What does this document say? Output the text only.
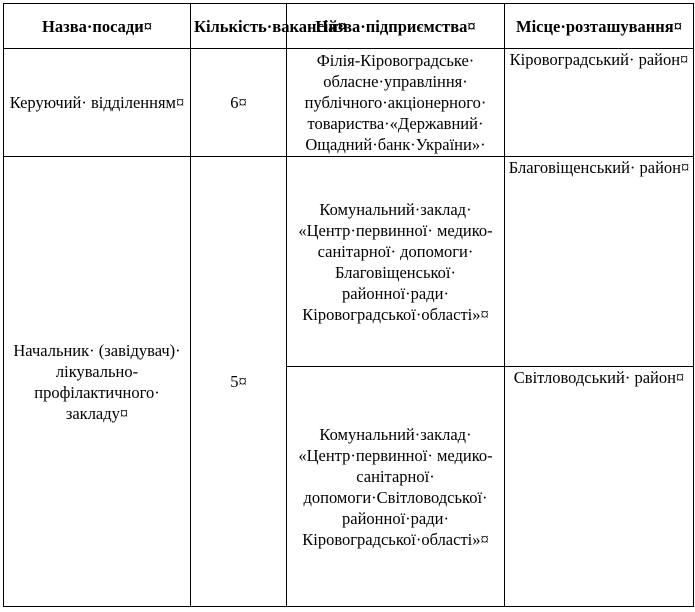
Назва·посади¤	Кількість·вакансій¤	Назва·підприємства¤	Місце·розташування¤

Керуючий· відділенням¤	6¤	Філія-Кіровоградське· обласне·управління· публічного·акціонерного· товариства·«Державний· Ощадний·банк·України»·	Кіровоградський· район¤

Начальник· (завідувач)· лікувально-профілактичного· закладу¤	5¤	Комунальний·заклад· «Центр·первинної· медико-санітарної· допомоги· Благовіщенської· районної·ради· Кіровоградської·області»¤	Благовіщенський· район¤

		Комунальний·заклад· «Центр·первинної· медико-санітарної· допомоги·Світловодської· районної·ради· Кіровоградської·області»¤	Світловодський· район¤
